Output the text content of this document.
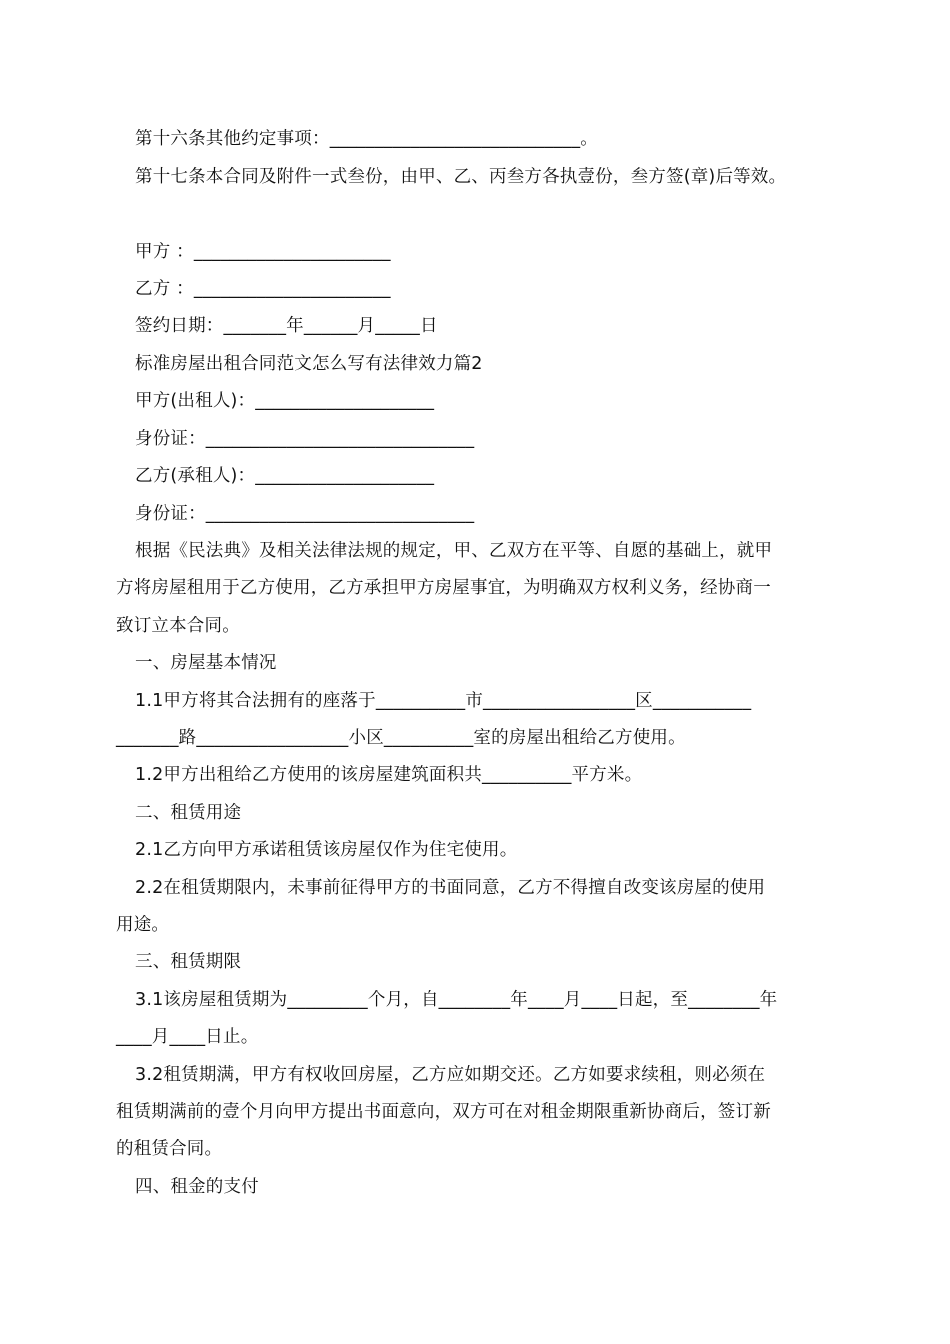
第十六条其他约定事项：____________________________。
第十七条本合同及附件一式叁份，由甲、乙、丙叁方各执壹份，叁方签(章)后等效。
甲方 ：______________________
乙方 ：______________________
签约日期：_______年______月_____日
标准房屋出租合同范文怎么写有法律效力篇2
甲方(出租人)：____________________
身份证：______________________________
乙方(承租人)：____________________
身份证：______________________________
根据《民法典》及相关法律法规的规定，甲、乙双方在平等、自愿的基础上，就甲
方将房屋租用于乙方使用，乙方承担甲方房屋事宜，为明确双方权利义务，经协商一
致订立本合同。
一、房屋基本情况
1.1甲方将其合法拥有的座落于__________市_________________区___________
_______路_________________小区__________室的房屋出租给乙方使用。
1.2甲方出租给乙方使用的该房屋建筑面积共__________平方米。
二、租赁用途
2.1乙方向甲方承诺租赁该房屋仅作为住宅使用。
2.2在租赁期限内，未事前征得甲方的书面同意，乙方不得擅自改变该房屋的使用
用途。
三、租赁期限
3.1该房屋租赁期为_________个月，自________年____月____日起，至________年
____月____日止。
3.2租赁期满，甲方有权收回房屋，乙方应如期交还。乙方如要求续租，则必须在
租赁期满前的壹个月向甲方提出书面意向，双方可在对租金期限重新协商后，签订新
的租赁合同。
四、租金的支付
